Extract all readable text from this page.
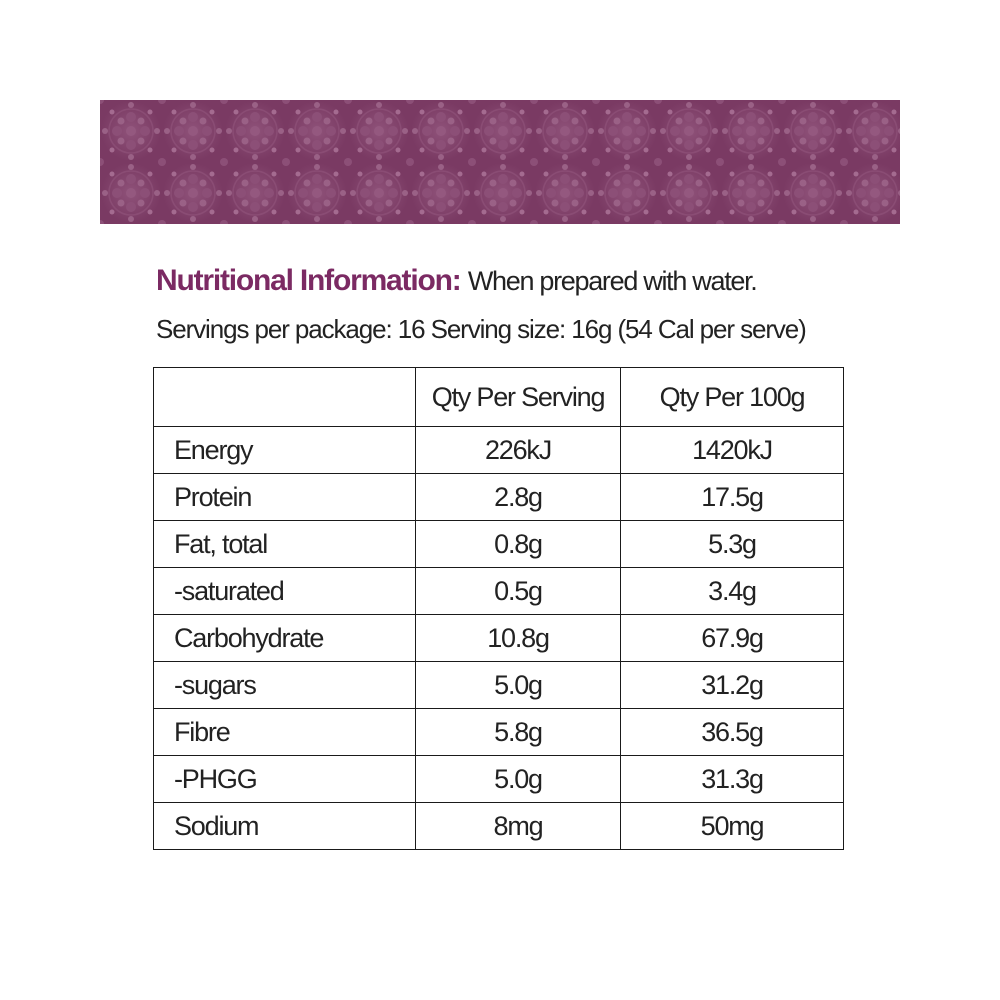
Nutritional Information: When prepared with water.
Servings per package: 16 Serving size: 16g (54 Cal per serve)
	Qty Per Serving	Qty Per 100g
Energy	226kJ	1420kJ
Protein	2.8g	17.5g
Fat, total	0.8g	5.3g
-saturated	0.5g	3.4g
Carbohydrate	10.8g	67.9g
-sugars	5.0g	31.2g
Fibre	5.8g	36.5g
-PHGG	5.0g	31.3g
Sodium	8mg	50mg
